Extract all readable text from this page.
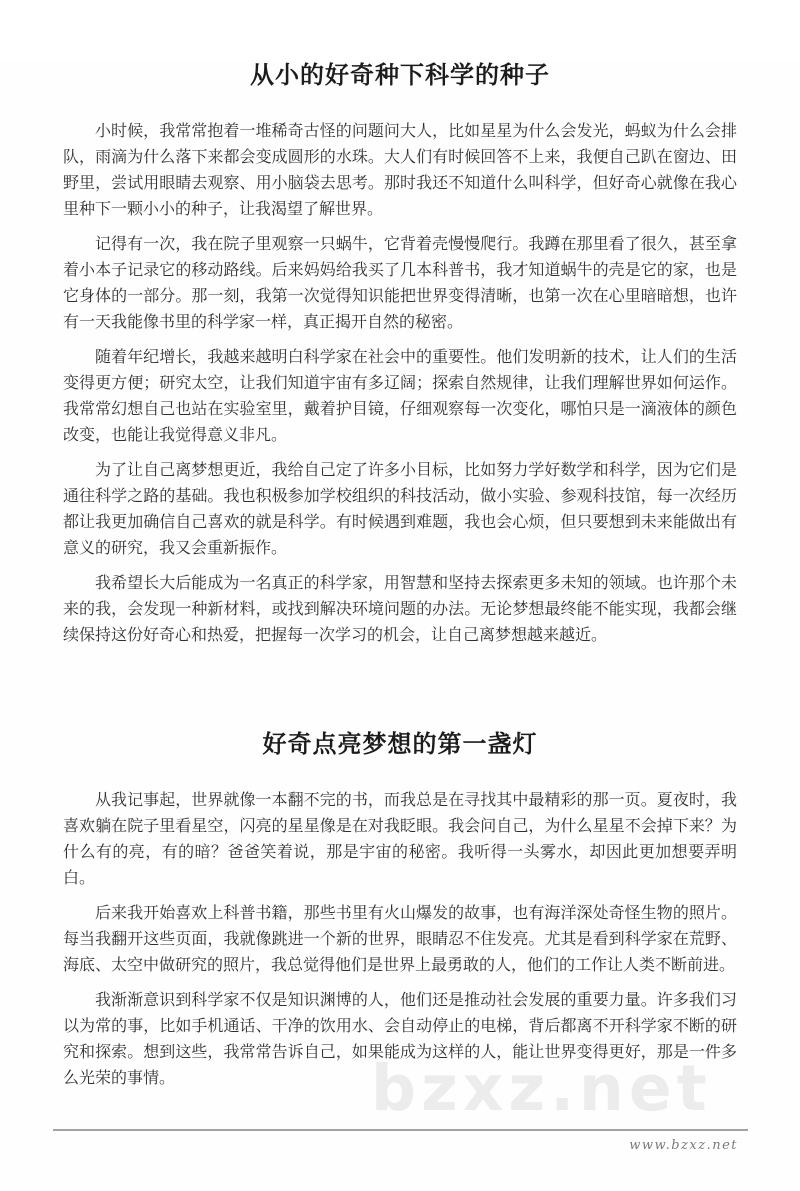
bzxz.net
从小的好奇种下科学的种子

小时候，我常常抱着一堆稀奇古怪的问题问大人，比如星星为什么会发光，蚂蚁为什么会排队，雨滴为什么落下来都会变成圆形的水珠。大人们有时候回答不上来，我便自己趴在窗边、田野里，尝试用眼睛去观察、用小脑袋去思考。那时我还不知道什么叫科学，但好奇心就像在我心里种下一颗小小的种子，让我渴望了解世界。

记得有一次，我在院子里观察一只蜗牛，它背着壳慢慢爬行。我蹲在那里看了很久，甚至拿着小本子记录它的移动路线。后来妈妈给我买了几本科普书，我才知道蜗牛的壳是它的家，也是它身体的一部分。那一刻，我第一次觉得知识能把世界变得清晰，也第一次在心里暗暗想，也许有一天我能像书里的科学家一样，真正揭开自然的秘密。

随着年纪增长，我越来越明白科学家在社会中的重要性。他们发明新的技术，让人们的生活变得更方便；研究太空，让我们知道宇宙有多辽阔；探索自然规律，让我们理解世界如何运作。我常常幻想自己也站在实验室里，戴着护目镜，仔细观察每一次变化，哪怕只是一滴液体的颜色改变，也能让我觉得意义非凡。

为了让自己离梦想更近，我给自己定了许多小目标，比如努力学好数学和科学，因为它们是通往科学之路的基础。我也积极参加学校组织的科技活动，做小实验、参观科技馆，每一次经历都让我更加确信自己喜欢的就是科学。有时候遇到难题，我也会心烦，但只要想到未来能做出有意义的研究，我又会重新振作。

我希望长大后能成为一名真正的科学家，用智慧和坚持去探索更多未知的领域。也许那个未来的我，会发现一种新材料，或找到解决环境问题的办法。无论梦想最终能不能实现，我都会继续保持这份好奇心和热爱，把握每一次学习的机会，让自己离梦想越来越近。

好奇点亮梦想的第一盏灯

从我记事起，世界就像一本翻不完的书，而我总是在寻找其中最精彩的那一页。夏夜时，我喜欢躺在院子里看星空，闪亮的星星像是在对我眨眼。我会问自己，为什么星星不会掉下来？为什么有的亮，有的暗？爸爸笑着说，那是宇宙的秘密。我听得一头雾水，却因此更加想要弄明白。

后来我开始喜欢上科普书籍，那些书里有火山爆发的故事，也有海洋深处奇怪生物的照片。每当我翻开这些页面，我就像跳进一个新的世界，眼睛忍不住发亮。尤其是看到科学家在荒野、海底、太空中做研究的照片，我总觉得他们是世界上最勇敢的人，他们的工作让人类不断前进。

我渐渐意识到科学家不仅是知识渊博的人，他们还是推动社会发展的重要力量。许多我们习以为常的事，比如手机通话、干净的饮用水、会自动停止的电梯，背后都离不开科学家不断的研究和探索。想到这些，我常常告诉自己，如果能成为这样的人，能让世界变得更好，那是一件多么光荣的事情。

www.bzxz.net
